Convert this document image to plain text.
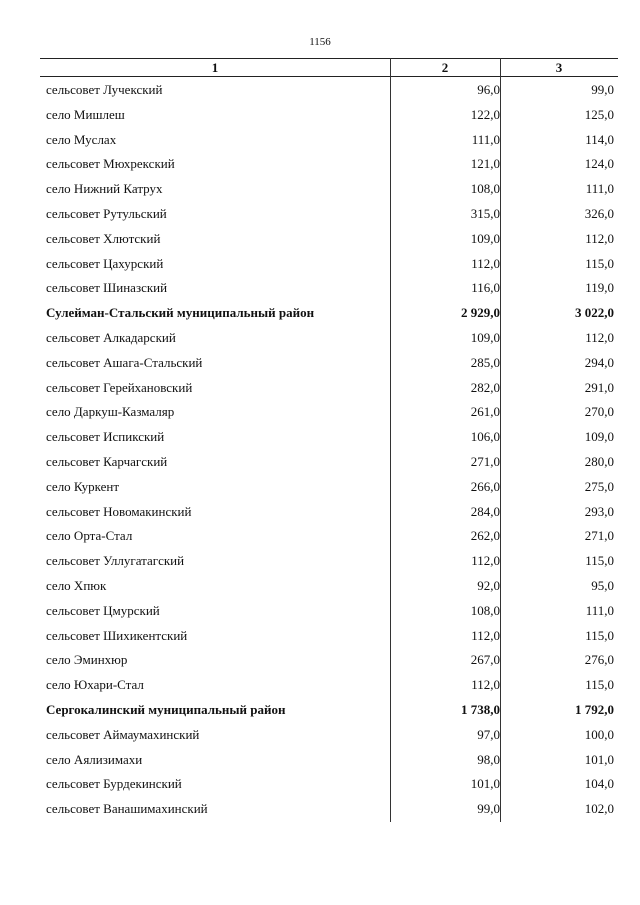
1156
1	2	3
сельсовет Лучекский	96,0	99,0
село Мишлеш	122,0	125,0
село Муслах	111,0	114,0
сельсовет Мюхрекский	121,0	124,0
село Нижний Катрух	108,0	111,0
сельсовет Рутульский	315,0	326,0
сельсовет Хлютский	109,0	112,0
сельсовет Цахурский	112,0	115,0
сельсовет Шиназский	116,0	119,0
Сулейман-Стальский муниципальный район	2 929,0	3 022,0
сельсовет Алкадарский	109,0	112,0
сельсовет Ашага-Стальский	285,0	294,0
сельсовет Герейхановский	282,0	291,0
село Даркуш-Казмаляр	261,0	270,0
сельсовет Испикский	106,0	109,0
сельсовет Карчагский	271,0	280,0
село Куркент	266,0	275,0
сельсовет Новомакинский	284,0	293,0
село Орта-Стал	262,0	271,0
сельсовет Уллугатагский	112,0	115,0
село Хпюк	92,0	95,0
сельсовет Цмурский	108,0	111,0
сельсовет Шихикентский	112,0	115,0
село Эминхюр	267,0	276,0
село Юхари-Стал	112,0	115,0
Сергокалинский муниципальный район	1 738,0	1 792,0
сельсовет Аймаумахинский	97,0	100,0
село Аялизимахи	98,0	101,0
сельсовет Бурдекинский	101,0	104,0
сельсовет Ванашимахинский	99,0	102,0
